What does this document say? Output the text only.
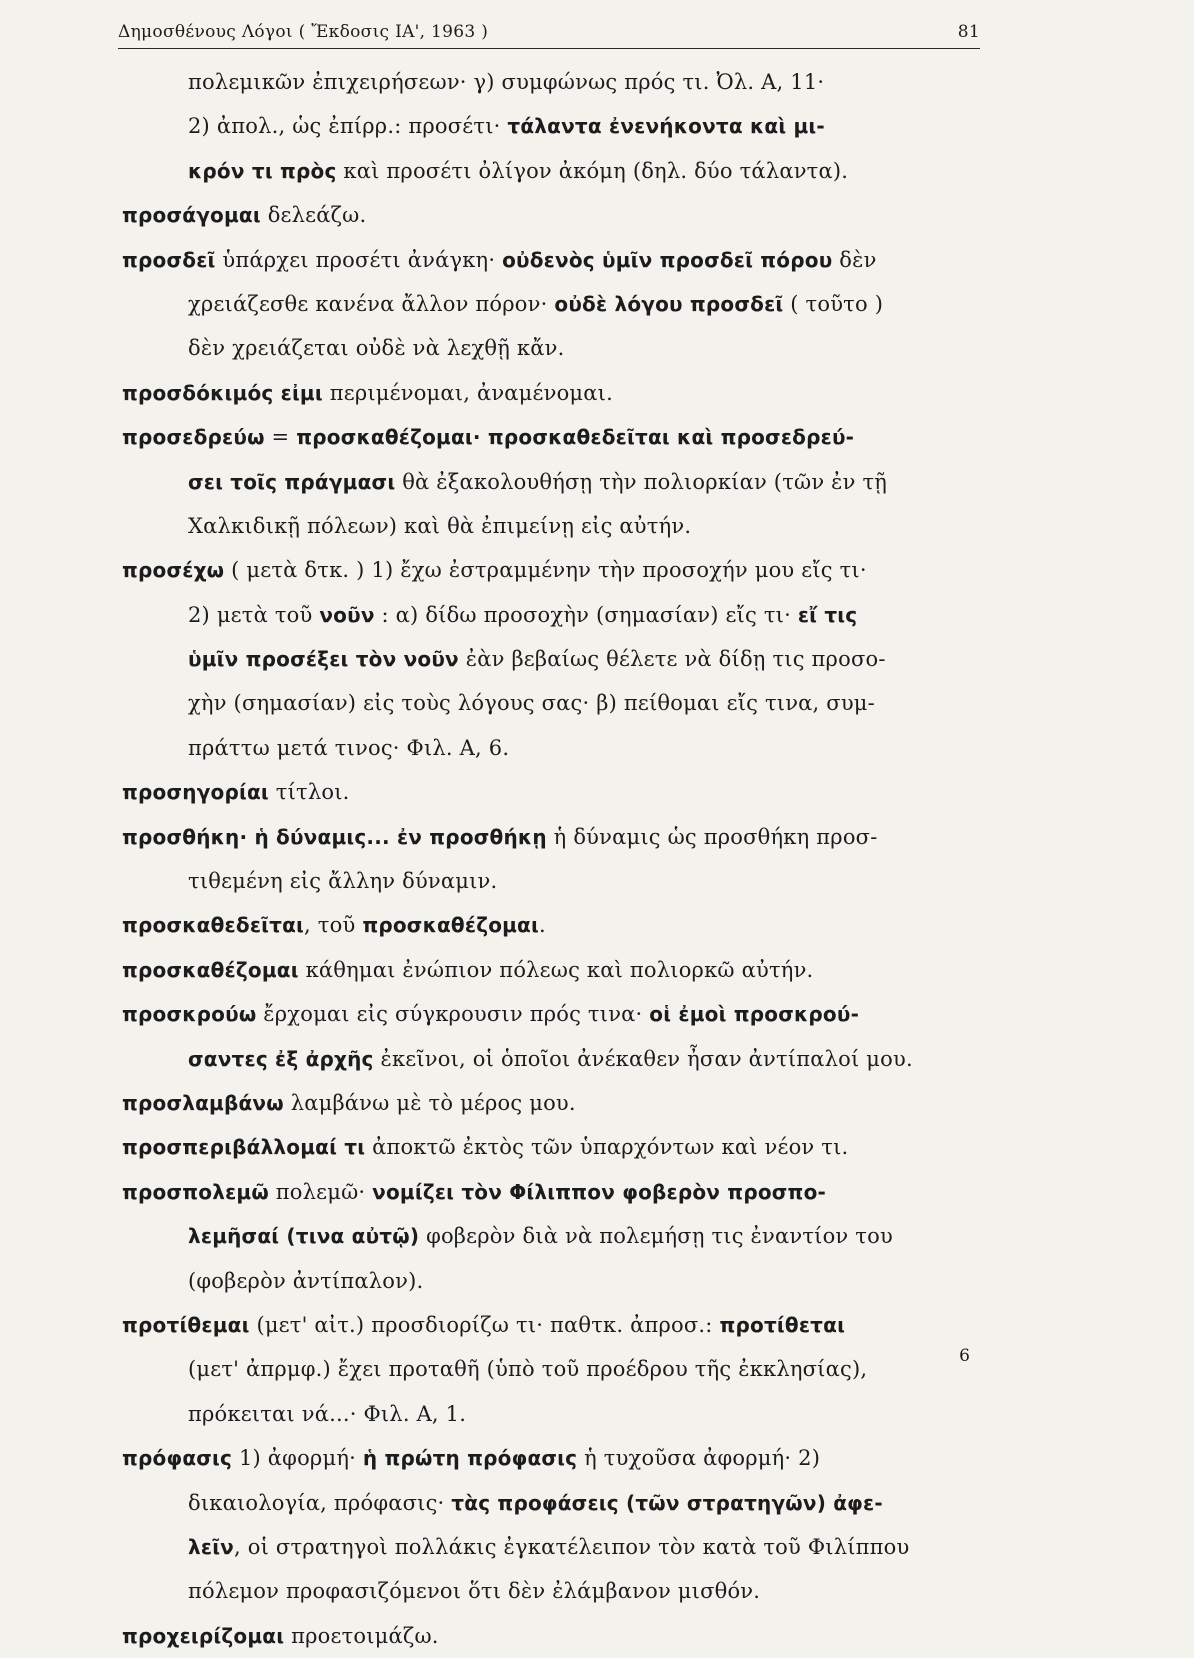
Δημοσθένους Λόγοι ( Ἔκδοσις ΙΑ', 1963 )	81
πολεμικῶν ἐπιχειρήσεων· γ) συμφώνως πρός τι. Ὀλ. Α, 11·
2) ἀπολ., ὡς ἐπίρρ.: προσέτι· τάλαντα ἐνενήκοντα καὶ μι-
κρόν τι πρὸς καὶ προσέτι ὀλίγον ἀκόμη (δηλ. δύο τάλαντα).
προσάγομαι δελεάζω.
προσδεῖ ὑπάρχει προσέτι ἀνάγκη· οὐδενὸς ὑμῖν προσδεῖ πόρου δὲν
χρειάζεσθε κανένα ἄλλον πόρον· οὐδὲ λόγου προσδεῖ ( τοῦτο )
δὲν χρειάζεται οὐδὲ νὰ λεχθῇ κἄν.
προσδόκιμός εἰμι περιμένομαι, ἀναμένομαι.
προσεδρεύω = προσκαθέζομαι· προσκαθεδεῖται καὶ προσεδρεύ-
σει τοῖς πράγμασι θὰ ἐξακολουθήσῃ τὴν πολιορκίαν (τῶν ἐν τῇ
Χαλκιδικῇ πόλεων) καὶ θὰ ἐπιμείνῃ εἰς αὐτήν.
προσέχω ( μετὰ δτκ. ) 1) ἔχω ἐστραμμένην τὴν προσοχήν μου εἴς τι·
2) μετὰ τοῦ νοῦν : α) δίδω προσοχὴν (σημασίαν) εἴς τι· εἴ τις
ὑμῖν προσέξει τὸν νοῦν ἐὰν βεβαίως θέλετε νὰ δίδῃ τις προσο-
χὴν (σημασίαν) εἰς τοὺς λόγους σας· β) πείθομαι εἴς τινα, συμ-
πράττω μετά τινος· Φιλ. Α, 6.
προσηγορίαι τίτλοι.
προσθήκη· ἡ δύναμις... ἐν προσθήκῃ ἡ δύναμις ὡς προσθήκη προσ-
τιθεμένη εἰς ἄλλην δύναμιν.
προσκαθεδεῖται, τοῦ προσκαθέζομαι.
προσκαθέζομαι κάθημαι ἐνώπιον πόλεως καὶ πολιορκῶ αὐτήν.
προσκρούω ἔρχομαι εἰς σύγκρουσιν πρός τινα· οἱ ἐμοὶ προσκρού-
σαντες ἐξ ἀρχῆς ἐκεῖνοι, οἱ ὁποῖοι ἀνέκαθεν ἦσαν ἀντίπαλοί μου.
προσλαμβάνω λαμβάνω μὲ τὸ μέρος μου.
προσπεριβάλλομαί τι ἀποκτῶ ἐκτὸς τῶν ὑπαρχόντων καὶ νέον τι.
προσπολεμῶ πολεμῶ· νομίζει τὸν Φίλιππον φοβερὸν προσπο-
λεμῆσαί (τινα αὐτῷ) φοβερὸν διὰ νὰ πολεμήσῃ τις ἐναντίον του
(φοβερὸν ἀντίπαλον).
προτίθεμαι (μετ' αἰτ.) προσδιορίζω τι· παθτκ. ἀπροσ.: προτίθεται
(μετ' ἀπρμφ.) ἔχει προταθῆ (ὑπὸ τοῦ προέδρου τῆς ἐκκλησίας),
πρόκειται νά...· Φιλ. Α, 1.
πρόφασις 1) ἀφορμή· ἡ πρώτη πρόφασις ἡ τυχοῦσα ἀφορμή· 2)
δικαιολογία, πρόφασις· τὰς προφάσεις (τῶν στρατηγῶν) ἀφε-
λεῖν, οἱ στρατηγοὶ πολλάκις ἐγκατέλειπον τὸν κατὰ τοῦ Φιλίππου
πόλεμον προφασιζόμενοι ὅτι δὲν ἐλάμβανον μισθόν.
προχειρίζομαι προετοιμάζω.
6
